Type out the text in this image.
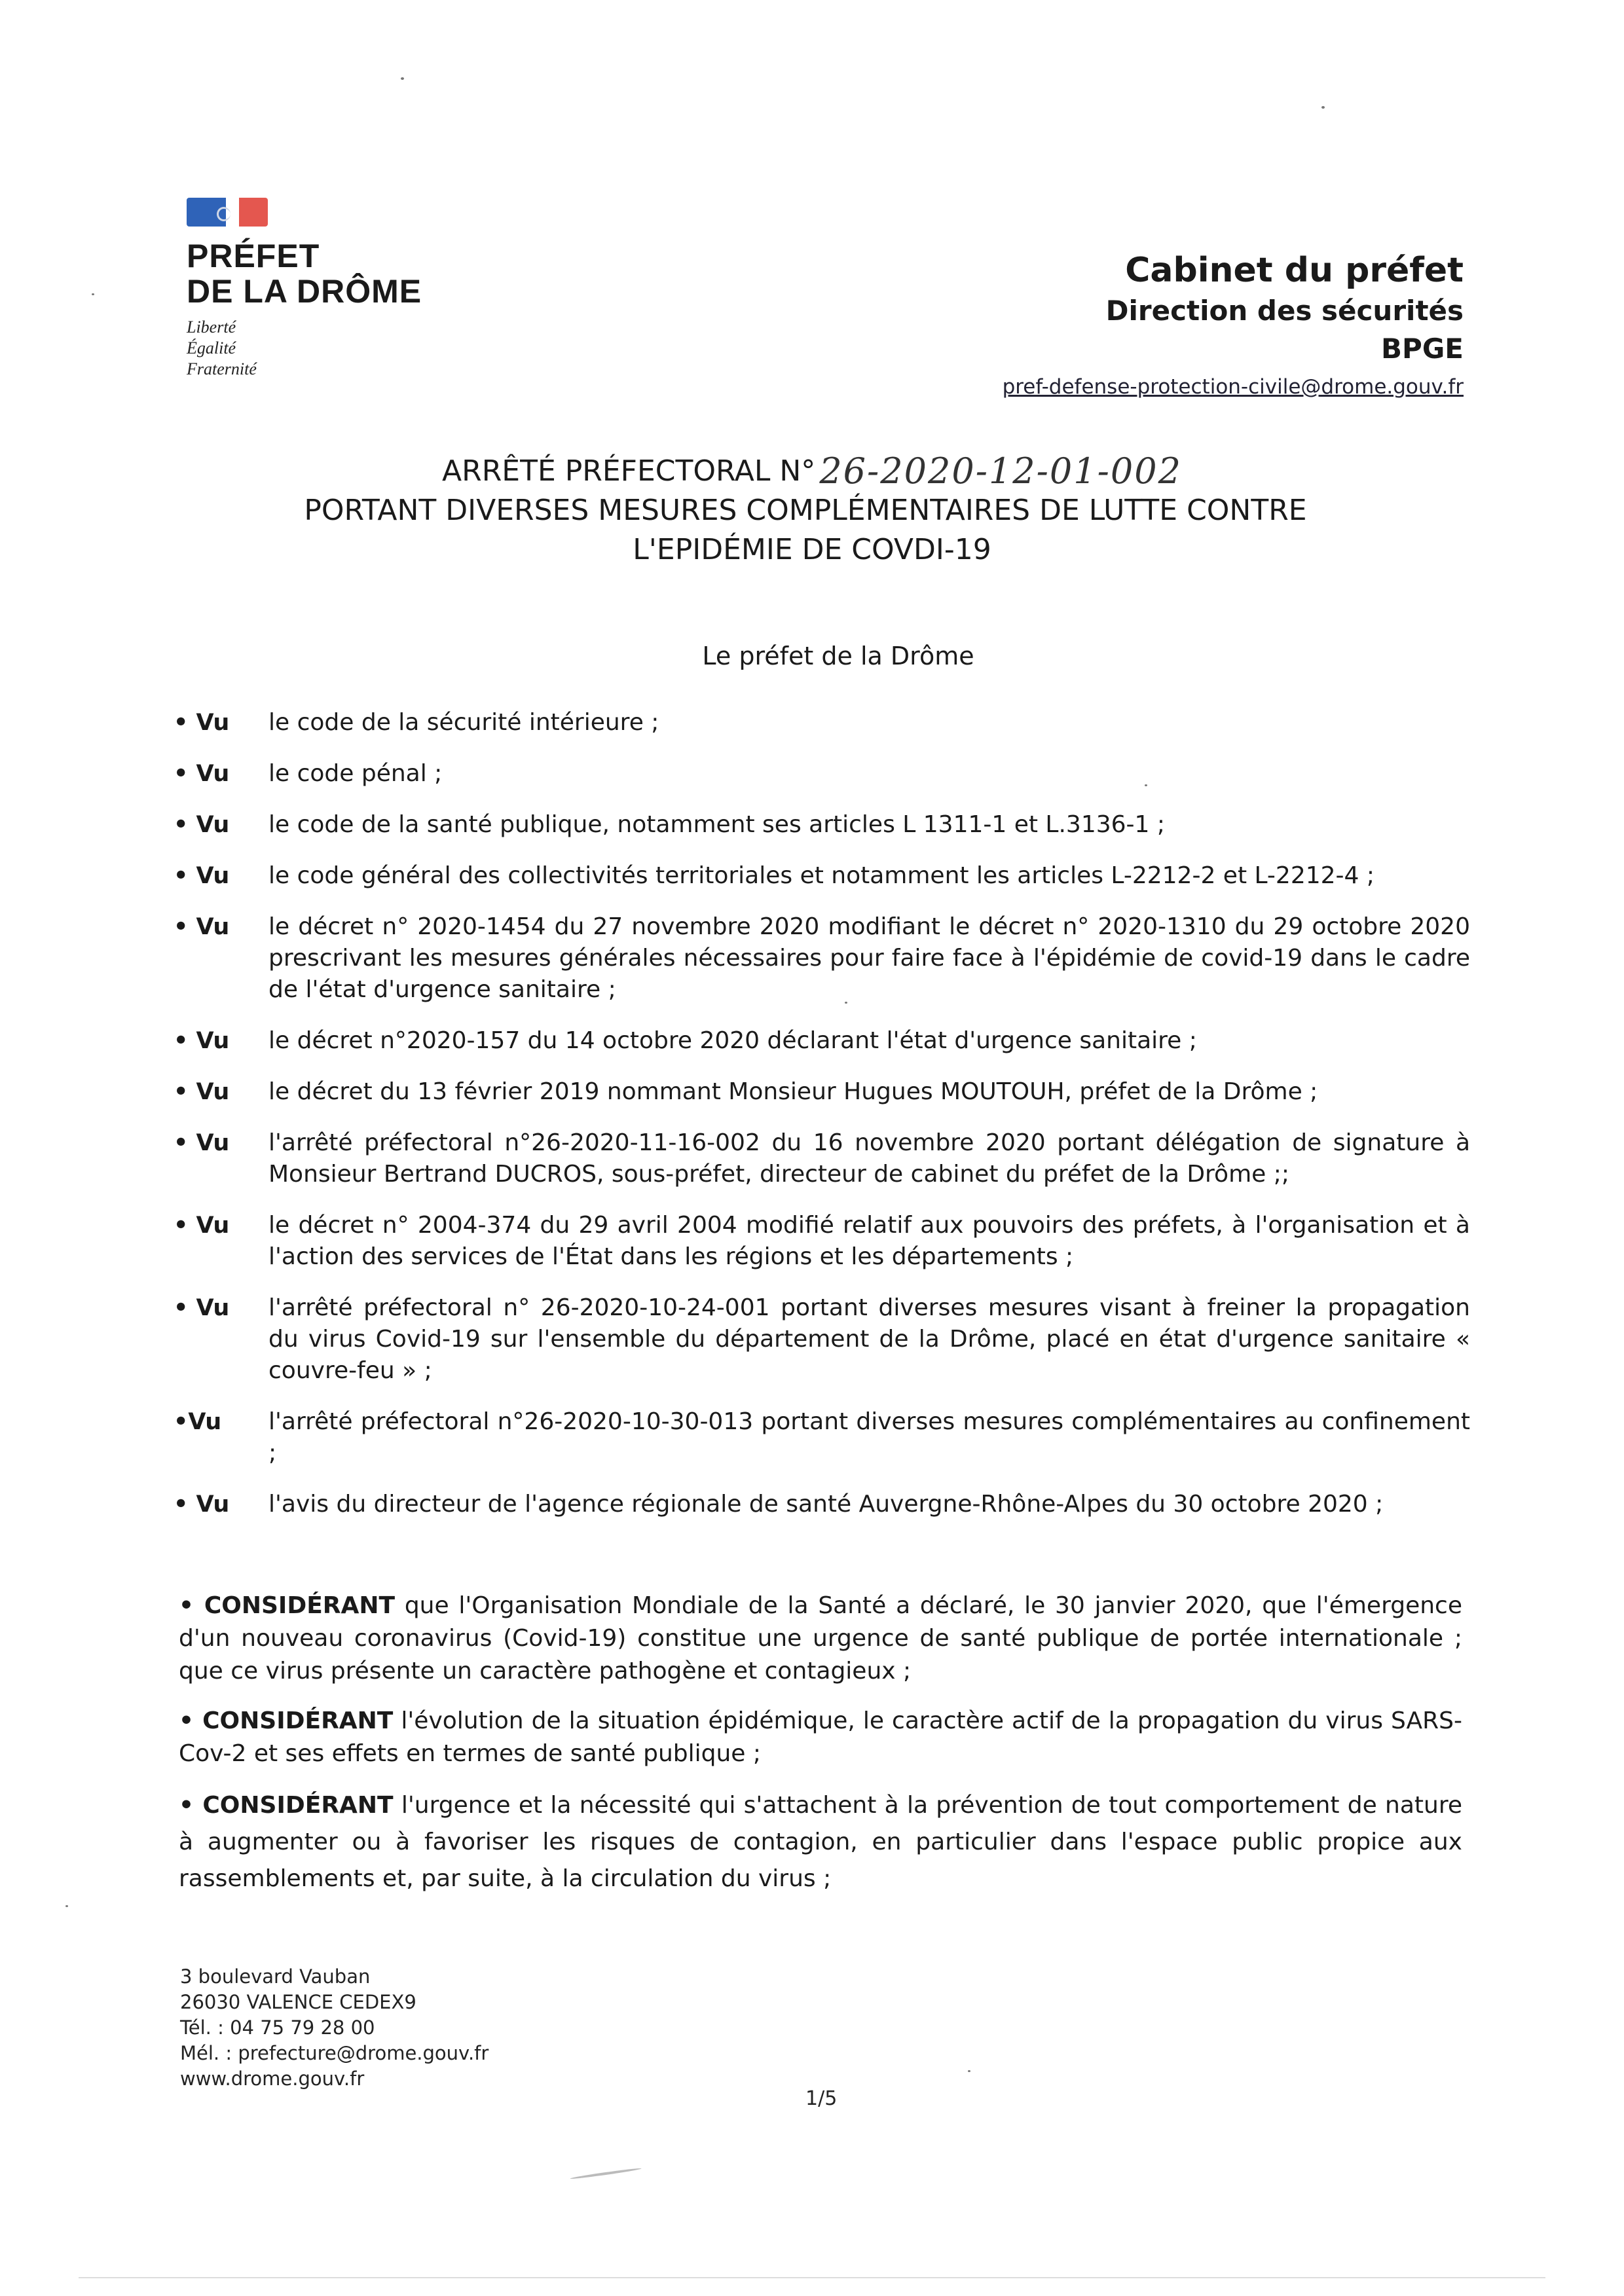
PRÉFET
DE LA DRÔME
Liberté
Égalité
Fraternité
Cabinet du préfet
Direction des sécurités
BPGE
pref-defense-protection-civile@drome.gouv.fr
ARRÊTÉ PRÉFECTORAL N° 26-2020-12-01-002
PORTANT DIVERSES MESURES COMPLÉMENTAIRES DE LUTTE CONTRE
L'EPIDÉMIE DE COVDI-19
Le préfet de la Drôme
• Vu	le code de la sécurité intérieure ;
• Vu	le code pénal ;
• Vu	le code de la santé publique, notamment ses articles L 1311-1 et L.3136-1 ;
• Vu	le code général des collectivités territoriales et notamment les articles L-2212-2 et L-2212-4 ;
• Vu	le décret n° 2020-1454 du 27 novembre 2020 modifiant le décret n° 2020-1310 du 29 octobre 2020 prescrivant les mesures générales nécessaires pour faire face à l'épidémie de covid-19 dans le cadre de l'état d'urgence sanitaire ;
• Vu	le décret n°2020-157 du 14 octobre 2020 déclarant l'état d'urgence sanitaire ;
• Vu	le décret du 13 février 2019 nommant Monsieur Hugues MOUTOUH, préfet de la Drôme ;
• Vu	l'arrêté préfectoral n°26-2020-11-16-002 du 16 novembre 2020 portant délégation de signature à Monsieur Bertrand DUCROS, sous-préfet, directeur de cabinet du préfet de la Drôme ;;
• Vu	le décret n° 2004-374 du 29 avril 2004 modifié relatif aux pouvoirs des préfets, à l'organisation et à l'action des services de l'État dans les régions et les départements ;
• Vu	l'arrêté préfectoral n° 26-2020-10-24-001 portant diverses mesures visant à freiner la propagation du virus Covid-19 sur l'ensemble du département de la Drôme, placé en état d'urgence sanitaire « couvre-feu » ;
•Vu	l'arrêté préfectoral n°26-2020-10-30-013 portant diverses mesures complémentaires au confinement ;
• Vu	l'avis du directeur de l'agence régionale de santé Auvergne-Rhône-Alpes du 30 octobre 2020 ;
• CONSIDÉRANT que l'Organisation Mondiale de la Santé a déclaré, le 30 janvier 2020, que l'émergence d'un nouveau coronavirus (Covid-19) constitue une urgence de santé publique de portée internationale ; que ce virus présente un caractère pathogène et contagieux ;
• CONSIDÉRANT l'évolution de la situation épidémique, le caractère actif de la propagation du virus SARS-Cov-2 et ses effets en termes de santé publique ;
• CONSIDÉRANT l'urgence et la nécessité qui s'attachent à la prévention de tout comportement de nature à augmenter ou à favoriser les risques de contagion, en particulier dans l'espace public propice aux rassemblements et, par suite, à la circulation du virus ;
3 boulevard Vauban
26030 VALENCE CEDEX9
Tél. : 04 75 79 28 00
Mél. : prefecture@drome.gouv.fr
www.drome.gouv.fr
1/5
